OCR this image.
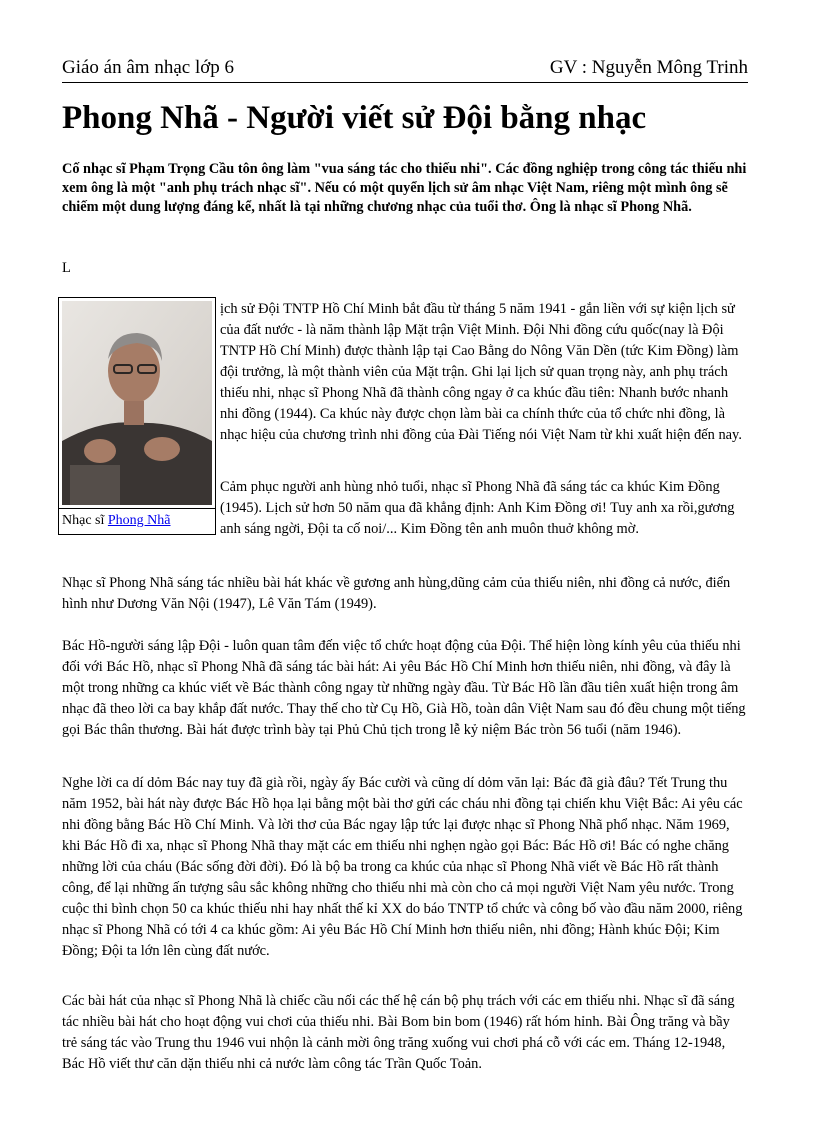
Giáo án âm nhạc lớp 6	GV : Nguyễn Mông Trinh
Phong Nhã - Người viết sử Đội bằng nhạc

Cố nhạc sĩ Phạm Trọng Cầu tôn ông làm "vua sáng tác cho thiếu nhi". Các đồng nghiệp trong công tác thiếu nhi xem ông là một "anh phụ trách nhạc sĩ". Nếu có một quyển lịch sử âm nhạc Việt Nam, riêng một mình ông sẽ chiếm một dung lượng đáng kể, nhất là tại những chương nhạc của tuổi thơ. Ông là nhạc sĩ Phong Nhã.

L

Nhạc sĩ Phong Nhã

ịch sử Đội TNTP Hồ Chí Minh bắt đầu từ tháng 5 năm 1941 - gắn liền với sự kiện lịch sử của đất nước - là năm thành lập Mặt trận Việt Minh. Đội Nhi đồng cứu quốc(nay là Đội TNTP Hồ Chí Minh) được thành lập tại Cao Bằng do Nông Văn Dền (tức Kim Đồng) làm đội trưởng, là một thành viên của Mặt trận. Ghi lại lịch sử quan trọng này, anh phụ trách thiếu nhi, nhạc sĩ Phong Nhã đã thành công ngay ở ca khúc đầu tiên: Nhanh bước nhanh nhi đồng (1944). Ca khúc này được chọn làm bài ca chính thức của tổ chức nhi đồng, là nhạc hiệu của chương trình nhi đồng của Đài Tiếng nói Việt Nam từ khi xuất hiện đến nay.

Cảm phục người anh hùng nhỏ tuổi, nhạc sĩ Phong Nhã đã sáng tác ca khúc Kim Đồng (1945). Lịch sử hơn 50 năm qua đã khẳng định: Anh Kim Đồng ơi! Tuy anh xa rồi,gương anh sáng ngời, Đội ta cố noi/... Kim Đồng tên anh muôn thuở không mờ.

Nhạc sĩ Phong Nhã sáng tác nhiều bài hát khác về gương anh hùng,dũng cảm của thiếu niên, nhi đồng cả nước, điển hình như Dương Văn Nội (1947), Lê Văn Tám (1949).

Bác Hồ-người sáng lập Đội - luôn quan tâm đến việc tổ chức hoạt động của Đội. Thể hiện lòng kính yêu của thiếu nhi đối với Bác Hồ, nhạc sĩ Phong Nhã đã sáng tác bài hát: Ai yêu Bác Hồ Chí Minh hơn thiếu niên, nhi đồng, và đây là một trong những ca khúc viết về Bác thành công ngay từ những ngày đầu. Từ Bác Hồ lần đầu tiên xuất hiện trong âm nhạc đã theo lời ca bay khắp đất nước. Thay thế cho từ Cụ Hồ, Già Hồ, toàn dân Việt Nam sau đó đều chung một tiếng gọi Bác thân thương. Bài hát được trình bày tại Phủ Chủ tịch trong lễ kỷ niệm Bác tròn 56 tuổi (năm 1946).

Nghe lời ca dí dỏm Bác nay tuy đã già rồi, ngày ấy Bác cười và cũng dí dỏm văn lại: Bác đã già đâu? Tết Trung thu năm 1952, bài hát này được Bác Hồ họa lại bằng một bài thơ gửi các cháu nhi đồng tại chiến khu Việt Bắc: Ai yêu các nhi đồng bằng Bác Hồ Chí Minh. Và lời thơ của Bác ngay lập tức lại được nhạc sĩ Phong Nhã phổ nhạc. Năm 1969, khi Bác Hồ đi xa, nhạc sĩ Phong Nhã thay mặt các em thiếu nhi nghẹn ngào gọi Bác: Bác Hồ ơi! Bác có nghe chăng những lời của cháu (Bác sống đời đời). Đó là bộ ba trong ca khúc của nhạc sĩ Phong Nhã viết về Bác Hồ rất thành công, để lại những ấn tượng sâu sắc không những cho thiếu nhi mà còn cho cả mọi người Việt Nam yêu nước. Trong cuộc thi bình chọn 50 ca khúc thiếu nhi hay nhất thế kỉ XX do báo TNTP tổ chức và công bố vào đầu năm 2000, riêng nhạc sĩ Phong Nhã có tới 4 ca khúc gồm: Ai yêu Bác Hồ Chí Minh hơn thiếu niên, nhi đồng; Hành khúc Đội; Kim Đồng; Đội ta lớn lên cùng đất nước.

Các bài hát của nhạc sĩ Phong Nhã là chiếc cầu nối các thế hệ cán bộ phụ trách với các em thiếu nhi. Nhạc sĩ đã sáng tác nhiều bài hát cho hoạt động vui chơi của thiếu nhi. Bài Bom bin bom (1946) rất hóm hỉnh. Bài Ông trăng và bầy trẻ sáng tác vào Trung thu 1946 vui nhộn là cảnh mời ông trăng xuống vui chơi phá cỗ với các em. Tháng 12-1948, Bác Hồ viết thư căn dặn thiếu nhi cả nước làm công tác Trần Quốc Toản.
